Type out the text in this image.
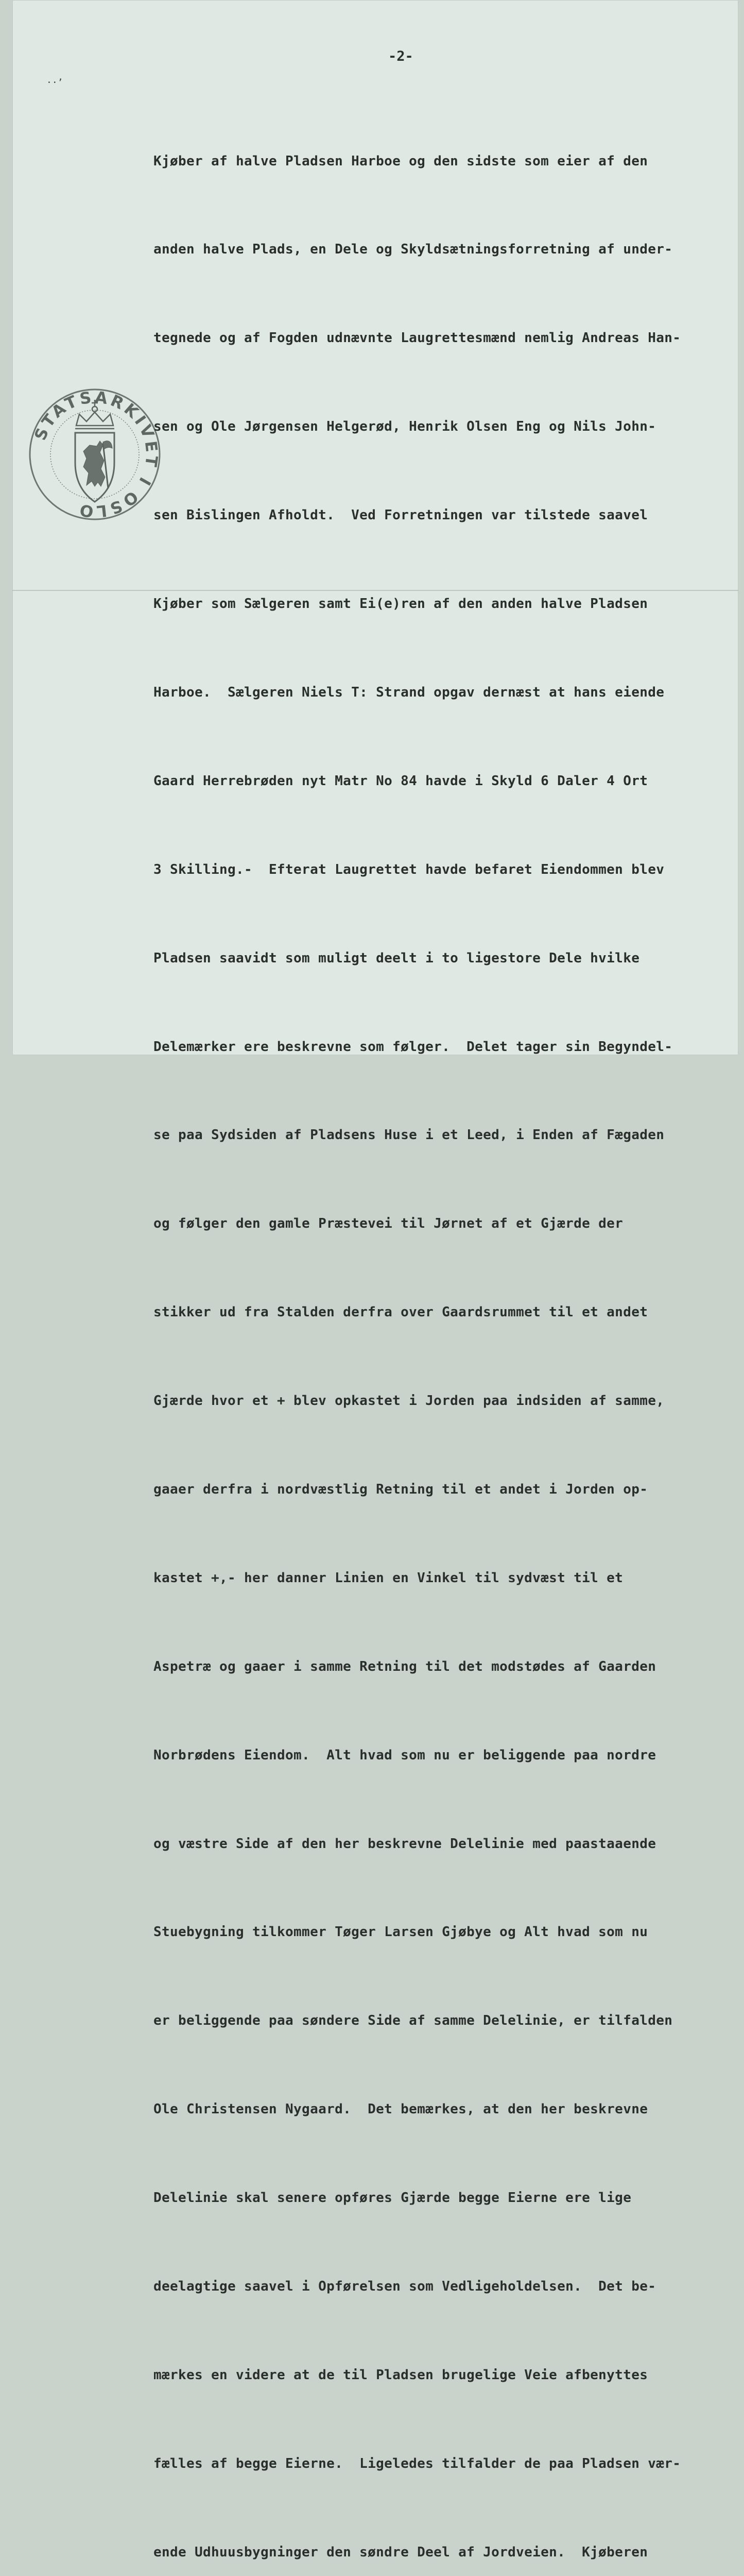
-2-
··ʼ
STATSARKIVET I OSLO

Kjøber af halve Pladsen Harboe og den sidste som eier af den

anden halve Plads, en Dele og Skyldsætningsforretning af under-

tegnede og af Fogden udnævnte Laugrettesmænd nemlig Andreas Han-

sen og Ole Jørgensen Helgerød, Henrik Olsen Eng og Nils John-

sen Bislingen Afholdt.  Ved Forretningen var tilstede saavel

Kjøber som Sælgeren samt Ei(e)ren af den anden halve Pladsen

Harboe.  Sælgeren Niels T: Strand opgav dernæst at hans eiende

Gaard Herrebrøden nyt Matr No 84 havde i Skyld 6 Daler 4 Ort

3 Skilling.-  Efterat Laugrettet havde befaret Eiendommen blev

Pladsen saavidt som muligt deelt i to ligestore Dele hvilke

Delemærker ere beskrevne som følger.  Delet tager sin Begyndel-

se paa Sydsiden af Pladsens Huse i et Leed, i Enden af Fægaden

og følger den gamle Præstevei til Jørnet af et Gjærde der

stikker ud fra Stalden derfra over Gaardsrummet til et andet

Gjærde hvor et + blev opkastet i Jorden paa indsiden af samme,

gaaer derfra i nordvæstlig Retning til et andet i Jorden op-

kastet +,- her danner Linien en Vinkel til sydvæst til et

Aspetræ og gaaer i samme Retning til det modstødes af Gaarden

Norbrødens Eiendom.  Alt hvad som nu er beliggende paa nordre

og væstre Side af den her beskrevne Delelinie med paastaaende

Stuebygning tilkommer Tøger Larsen Gjøbye og Alt hvad som nu

er beliggende paa søndere Side af samme Delelinie, er tilfalden

Ole Christensen Nygaard.  Det bemærkes, at den her beskrevne

Delelinie skal senere opføres Gjærde begge Eierne ere lige

deelagtige saavel i Opførelsen som Vedligeholdelsen.  Det be-

mærkes en videre at de til Pladsen brugelige Veie afbenyttes

fælles af begge Eierne.  Ligeledes tilfalder de paa Pladsen vær-

ende Udhuusbygninger den søndre Deel af Jordveien.  Kjøberen
